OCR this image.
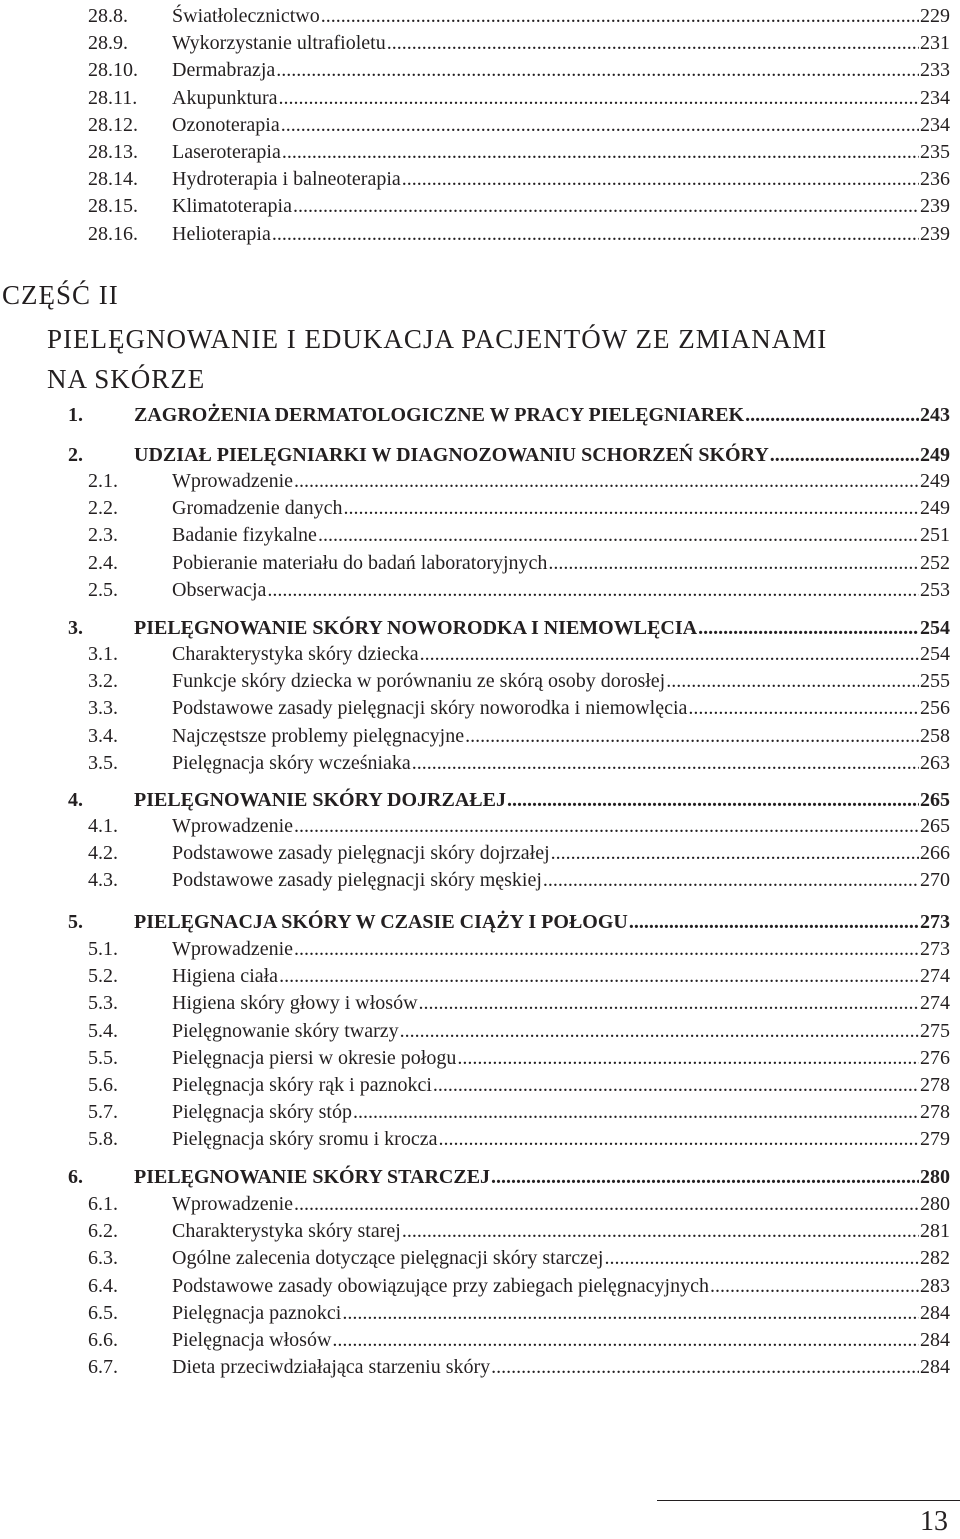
28.8. Światłolecznictwo .....	229
28.9. Wykorzystanie ultrafioletu .....	231
28.10. Dermabrazja .....	233
28.11. Akupunktura .....	234
28.12. Ozonoterapia .....	234
28.13. Laseroterapia .....	235
28.14. Hydroterapia i balneoterapia .....	236
28.15. Klimatoterapia .....	239
28.16. Helioterapia .....	239
1.	ZAGROŻENIA DERMATOLOGICZNE W PRACY PIELĘGNIAREK .....	243
2.	UDZIAŁ PIELĘGNIARKI W DIAGNOZOWANIU SCHORZEŃ SKÓRY .....	249
2.1.	Wprowadzenie .....	249
2.2.	Gromadzenie danych .....	249
2.3.	Badanie fizykalne .....	251
2.4.	Pobieranie materiału do badań laboratoryjnych .....	252
2.5.	Obserwacja .....	253
3.	PIELĘGNOWANIE SKÓRY NOWORODKA I NIEMOWLĘCIA .....	254
3.1.	Charakterystyka skóry dziecka .....	254
3.2.	Funkcje skóry dziecka w porównaniu ze skórą osoby dorosłej .....	255
3.3.	Podstawowe zasady pielęgnacji skóry noworodka i niemowlęcia .....	256
3.4.	Najczęstsze problemy pielęgnacyjne .....	258
3.5.	Pielęgnacja skóry wcześniaka .....	263
4.	PIELĘGNOWANIE SKÓRY DOJRZAŁEJ .....	265
4.1.	Wprowadzenie .....	265
4.2.	Podstawowe zasady pielęgnacji skóry dojrzałej .....	266
4.3.	Podstawowe zasady pielęgnacji skóry męskiej .....	270
5.	PIELĘGNACJA SKÓRY W CZASIE CIĄŻY I POŁOGU .....	273
5.1.	Wprowadzenie .....	273
5.2.	Higiena ciała .....	274
5.3.	Higiena skóry głowy i włosów .....	274
5.4.	Pielęgnowanie skóry twarzy .....	275
5.5.	Pielęgnacja piersi w okresie połogu .....	276
5.6.	Pielęgnacja skóry rąk i paznokci .....	278
5.7.	Pielęgnacja skóry stóp .....	278
5.8.	Pielęgnacja skóry sromu i krocza .....	279
6.	PIELĘGNOWANIE SKÓRY STARCZEJ .....	280
6.1.	Wprowadzenie .....	280
6.2.	Charakterystyka skóry starej .....	281
6.3.	Ogólne zalecenia dotyczące pielęgnacji skóry starczej .....	282
6.4.	Podstawowe zasady obowiązujące przy zabiegach pielęgnacyjnych .....	283
6.5.	Pielęgnacja paznokci .....	284
6.6.	Pielęgnacja włosów .....	284
6.7.	Dieta przeciwdziałająca starzeniu skóry .....	284
CZĘŚĆ II
PIELĘGNOWANIE I EDUKACJA PACJENTÓW ZE ZMIANAMI
NA SKÓRZE
13
